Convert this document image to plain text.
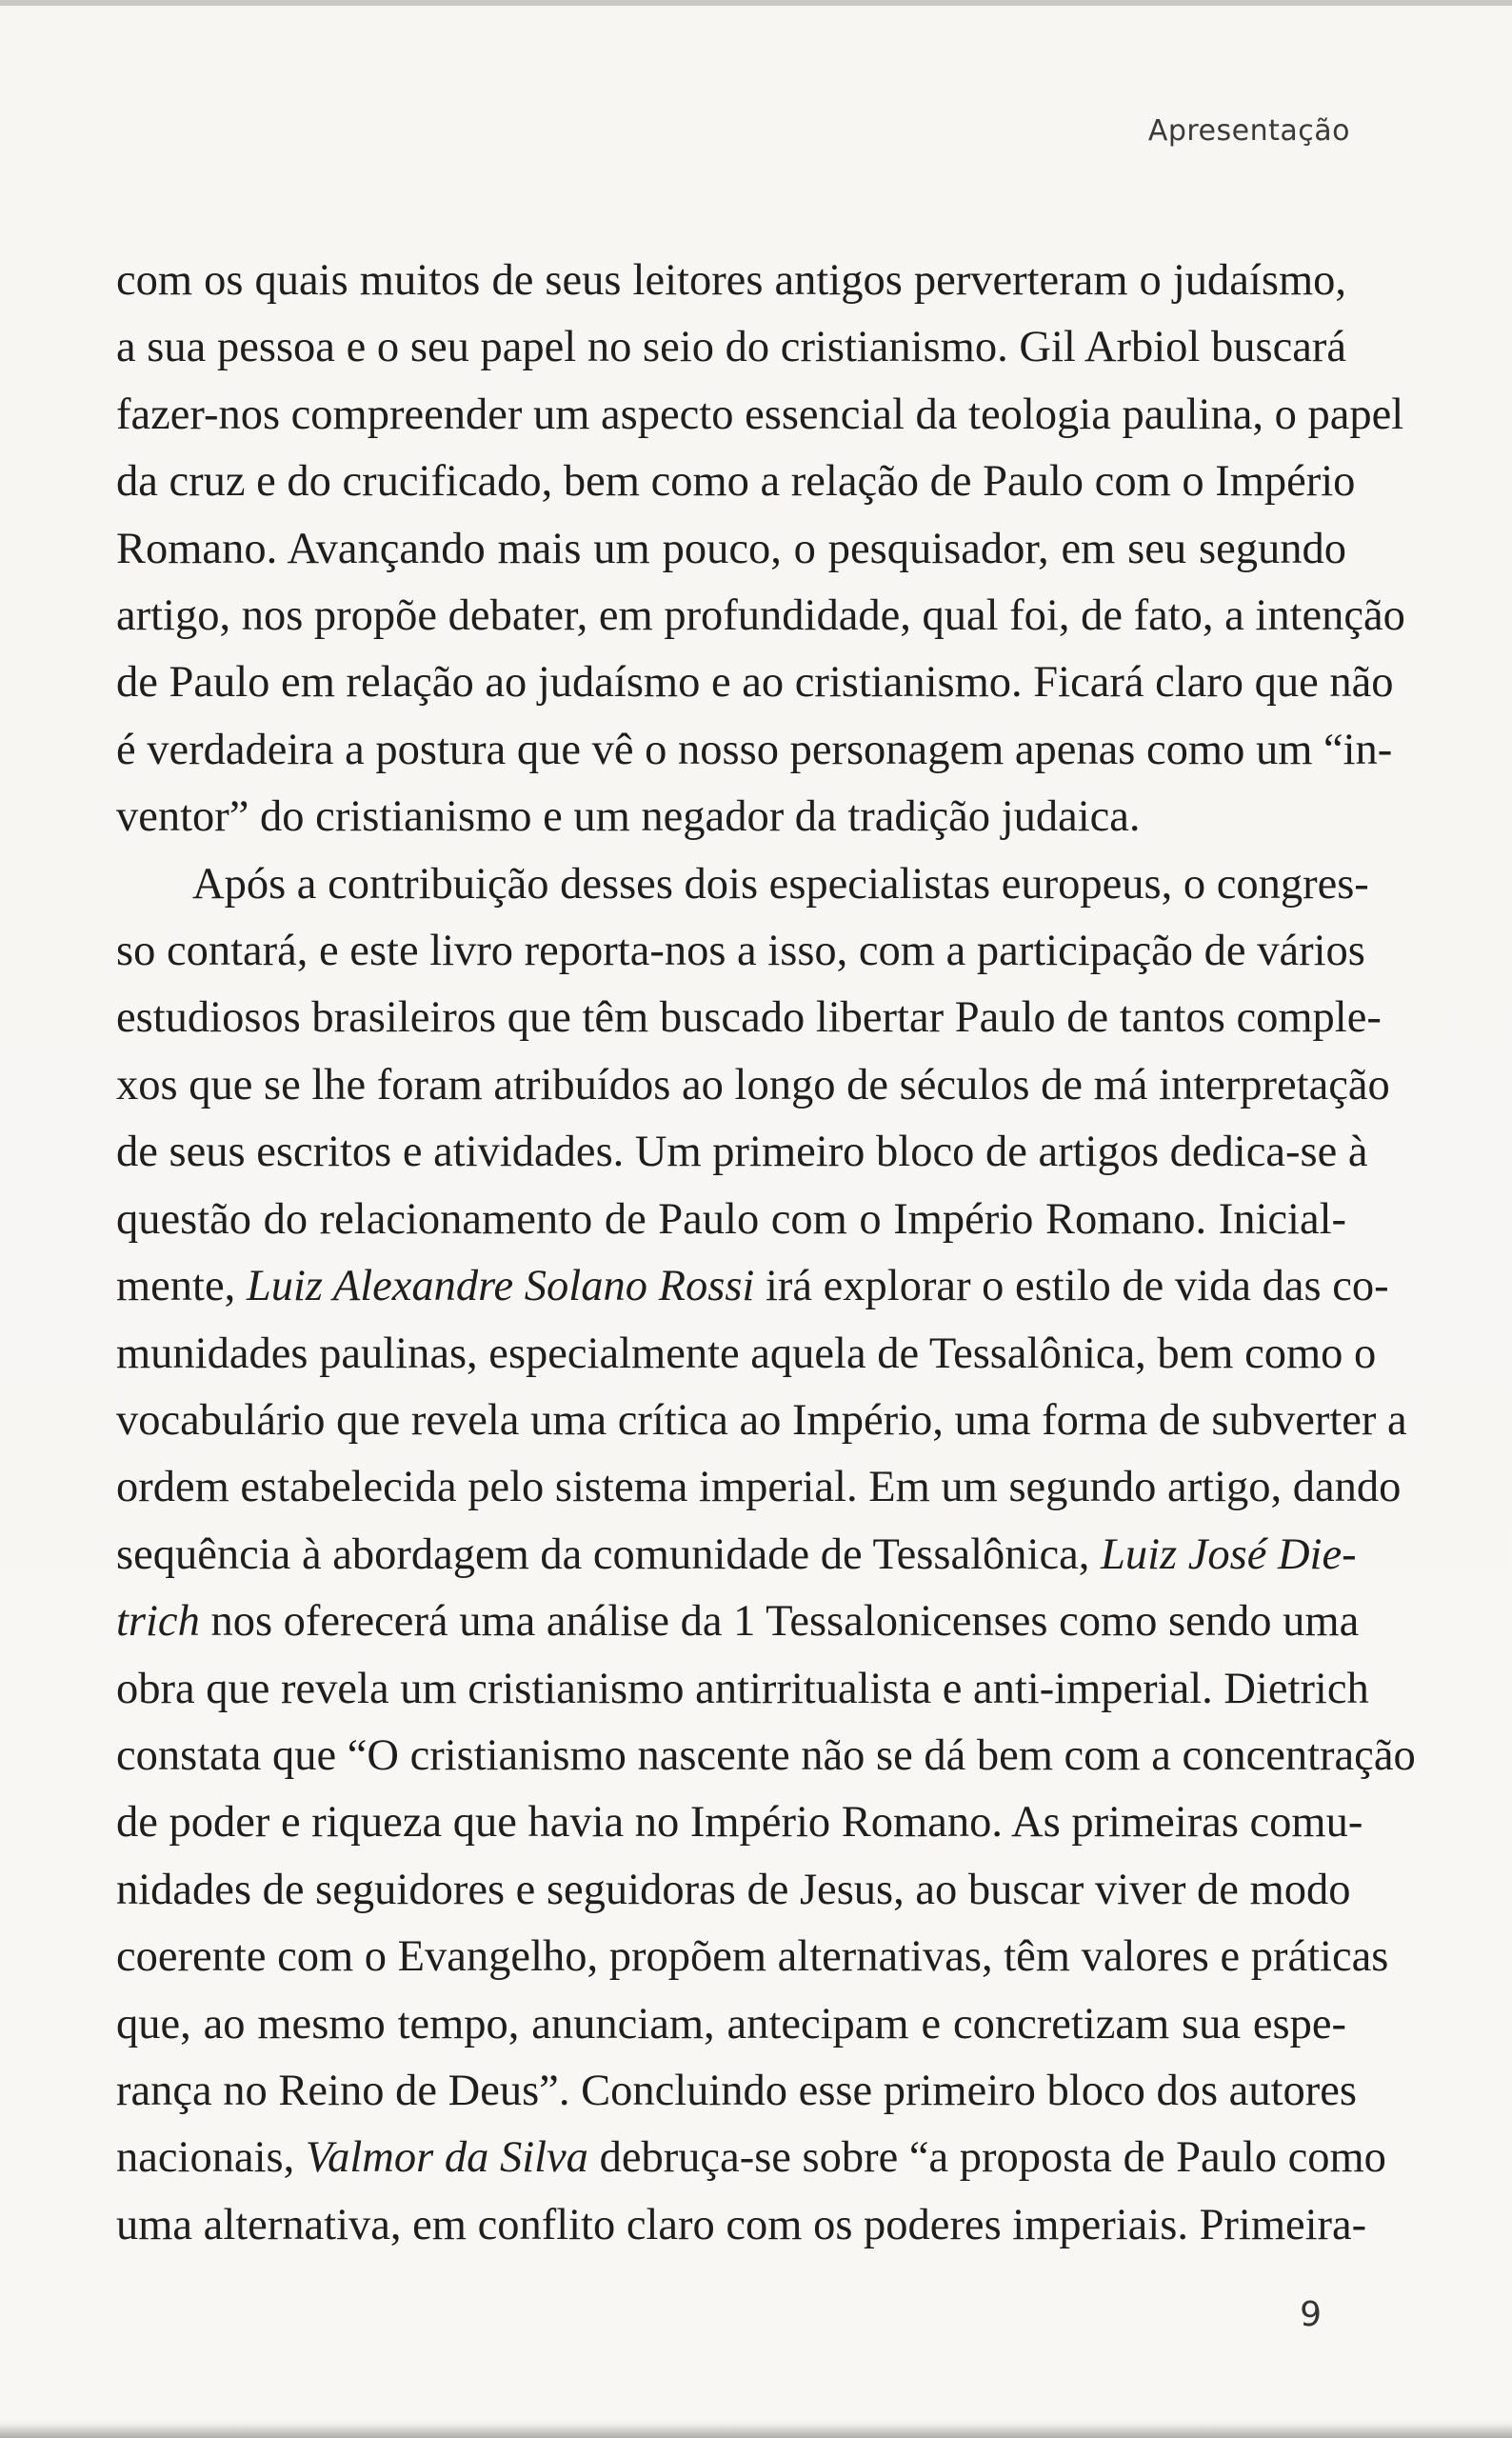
Apresentação
com os quais muitos de seus leitores antigos perverteram o judaísmo,
a sua pessoa e o seu papel no seio do cristianismo. Gil Arbiol buscará
fazer-nos compreender um aspecto essencial da teologia paulina, o papel
da cruz e do crucificado, bem como a relação de Paulo com o Império
Romano. Avançando mais um pouco, o pesquisador, em seu segundo
artigo, nos propõe debater, em profundidade, qual foi, de fato, a intenção
de Paulo em relação ao judaísmo e ao cristianismo. Ficará claro que não
é verdadeira a postura que vê o nosso personagem apenas como um “in-
ventor” do cristianismo e um negador da tradição judaica.
Após a contribuição desses dois especialistas europeus, o congres-
so contará, e este livro reporta-nos a isso, com a participação de vários
estudiosos brasileiros que têm buscado libertar Paulo de tantos comple-
xos que se lhe foram atribuídos ao longo de séculos de má interpretação
de seus escritos e atividades. Um primeiro bloco de artigos dedica-se à
questão do relacionamento de Paulo com o Império Romano. Inicial-
mente, Luiz Alexandre Solano Rossi irá explorar o estilo de vida das co-
munidades paulinas, especialmente aquela de Tessalônica, bem como o
vocabulário que revela uma crítica ao Império, uma forma de subverter a
ordem estabelecida pelo sistema imperial. Em um segundo artigo, dando
sequência à abordagem da comunidade de Tessalônica, Luiz José Die-
trich nos oferecerá uma análise da 1 Tessalonicenses como sendo uma
obra que revela um cristianismo antirritualista e anti-imperial. Dietrich
constata que “O cristianismo nascente não se dá bem com a concentração
de poder e riqueza que havia no Império Romano. As primeiras comu-
nidades de seguidores e seguidoras de Jesus, ao buscar viver de modo
coerente com o Evangelho, propõem alternativas, têm valores e práticas
que, ao mesmo tempo, anunciam, antecipam e concretizam sua espe-
rança no Reino de Deus”. Concluindo esse primeiro bloco dos autores
nacionais, Valmor da Silva debruça-se sobre “a proposta de Paulo como
uma alternativa, em conflito claro com os poderes imperiais. Primeira-
9
